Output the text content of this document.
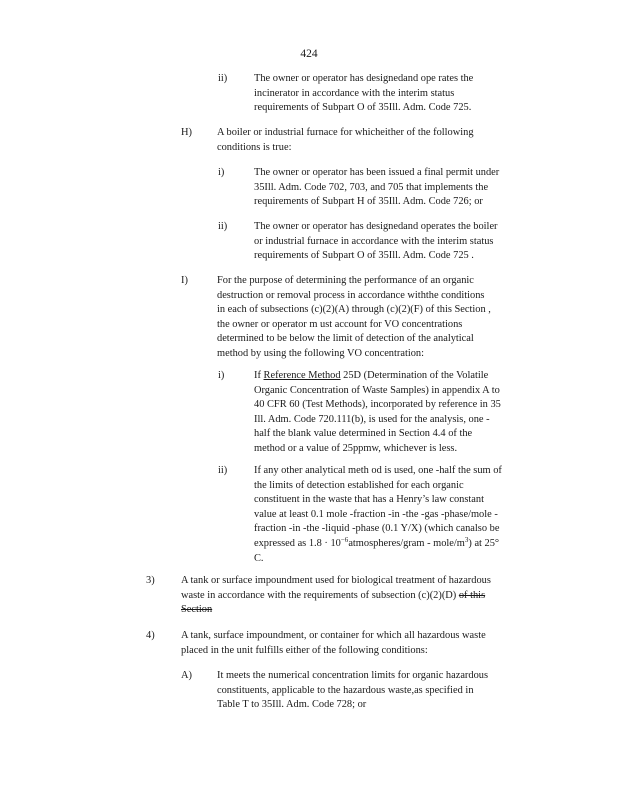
424
ii)	The owner or operator has designedand ope rates the
incinerator in accordance with the interim status
requirements of Subpart O of 35Ill. Adm. Code 725.
H) A boiler or industrial furnace for whicheither of the following
conditions is true:
i)	The owner or operator has been issued a final permit under
35Ill. Adm. Code 702, 703, and 705 that implements the
requirements of Subpart H of 35Ill. Adm. Code 726; or
ii)	The owner or operator has designedand operates the boiler
or industrial furnace in accordance with the interim status
requirements of Subpart O of 35Ill. Adm. Code 725 .
I)	For the purpose of determining the performance of an organic
destruction or removal process in accordance withthe conditions
in each of subsections (c)(2)(A) through (c)(2)(F) of this Section ,
the owner or operator m ust account for VO concentrations
determined to be below the limit of detection of the analytical
method by using the following VO concentration:
i)	If Reference Method 25D (Determination of the Volatile
Organic Concentration of Waste Samples) in appendix A to
40 CFR 60 (Test Methods), incorporated by reference in 35
Ill. Adm. Code 720.111(b), is used for the analysis, one -
half the blank value determined in Section 4.4 of the
method or a value of 25ppmw, whichever is less.
ii)	If any other analytical meth od is used, one -half the sum of
the limits of detection established for each organic
constituent in the waste that has a Henry’s law constant
value at least 0.1 mole -fraction -in -the -gas -phase/mole -
fraction -in -the -liquid -phase (0.1 Y/X) (which canalso be
expressed as $1.8 \cdot 10^{-6}atmospheres$/gram - mole/$m^3$) at 25°
C.
3)	A tank or surface impoundment used for biological treatment of hazardous
waste in accordance with the requirements of subsection (c)(2)(D) of this
Section
4)	A tank, surface impoundment, or container for which all hazardous waste
placed in the unit fulfills either of the following conditions:
A) It meets the numerical concentration limits for organic hazardous
constituents, applicable to the hazardous waste,as specified in
Table T to 35Ill. Adm. Code 728; or
